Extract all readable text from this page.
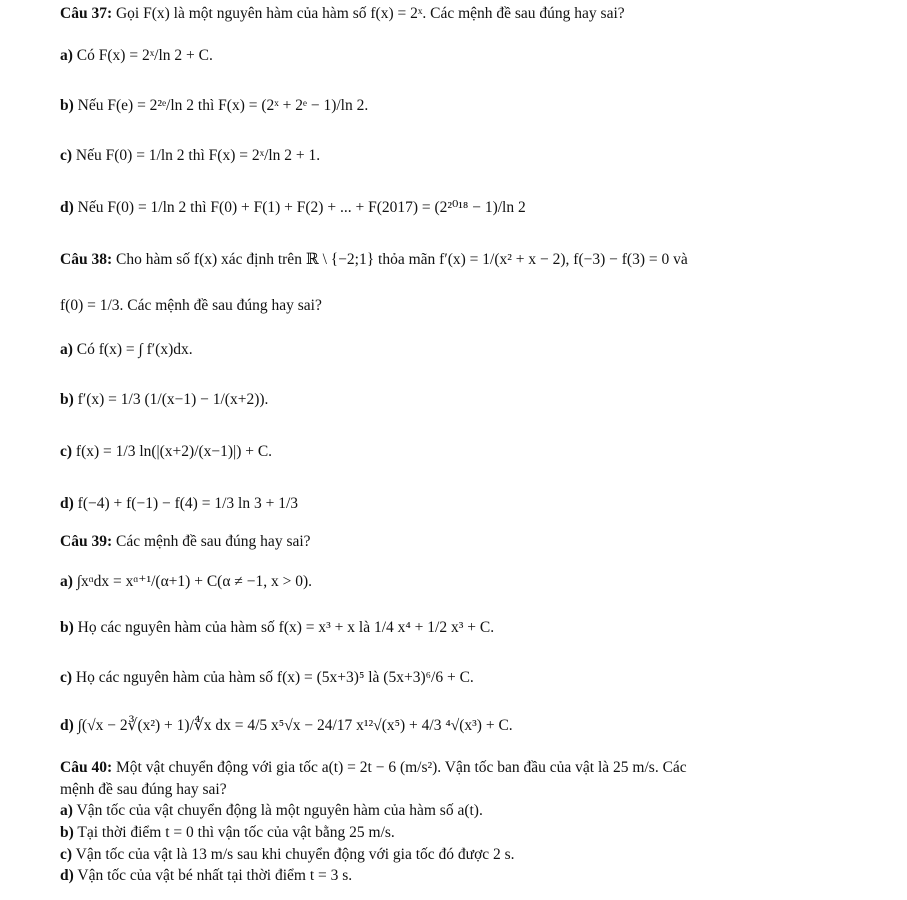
Câu 37: Gọi F(x) là một nguyên hàm của hàm số f(x) = 2ˣ. Các mệnh đề sau đúng hay sai?
a) Có F(x) = 2ˣ/ln 2 + C.
b) Nếu F(e) = 2²ᵉ/ln 2 thì F(x) = (2ˣ + 2ᵉ − 1)/ln 2.
c) Nếu F(0) = 1/ln 2 thì F(x) = 2ˣ/ln 2 + 1.
d) Nếu F(0) = 1/ln 2 thì F(0) + F(1) + F(2) + ... + F(2017) = (2²⁰¹⁸ − 1)/ln 2
Câu 38: Cho hàm số f(x) xác định trên ℝ \ {−2;1} thỏa mãn f′(x) = 1/(x² + x − 2), f(−3) − f(3) = 0 và
f(0) = 1/3. Các mệnh đề sau đúng hay sai?
a) Có f(x) = ∫ f′(x)dx.
b) f′(x) = 1/3 (1/(x−1) − 1/(x+2)).
c) f(x) = 1/3 ln(|(x+2)/(x−1)|) + C.
d) f(−4) + f(−1) − f(4) = 1/3 ln 3 + 1/3
Câu 39: Các mệnh đề sau đúng hay sai?
a) ∫xᵅdx = xᵅ⁺¹/(α+1) + C(α ≠ −1, x > 0).
b) Họ các nguyên hàm của hàm số f(x) = x³ + x là 1/4 x⁴ + 1/2 x³ + C.
c) Họ các nguyên hàm của hàm số f(x) = (5x+3)⁵ là (5x+3)⁶/6 + C.
d) ∫(√x − 2∛(x²) + 1)/∜x dx = 4/5 x⁵√x − 24/17 x¹²√(x⁵) + 4/3 ⁴√(x³) + C.
Câu 40: Một vật chuyển động với gia tốc a(t) = 2t − 6 (m/s²). Vận tốc ban đầu của vật là 25 m/s. Các
mệnh đề sau đúng hay sai?
a) Vận tốc của vật chuyển động là một nguyên hàm của hàm số a(t).
b) Tại thời điểm t = 0 thì vận tốc của vật bằng 25 m/s.
c) Vận tốc của vật là 13 m/s sau khi chuyển động với gia tốc đó được 2 s.
d) Vận tốc của vật bé nhất tại thời điểm t = 3 s.
